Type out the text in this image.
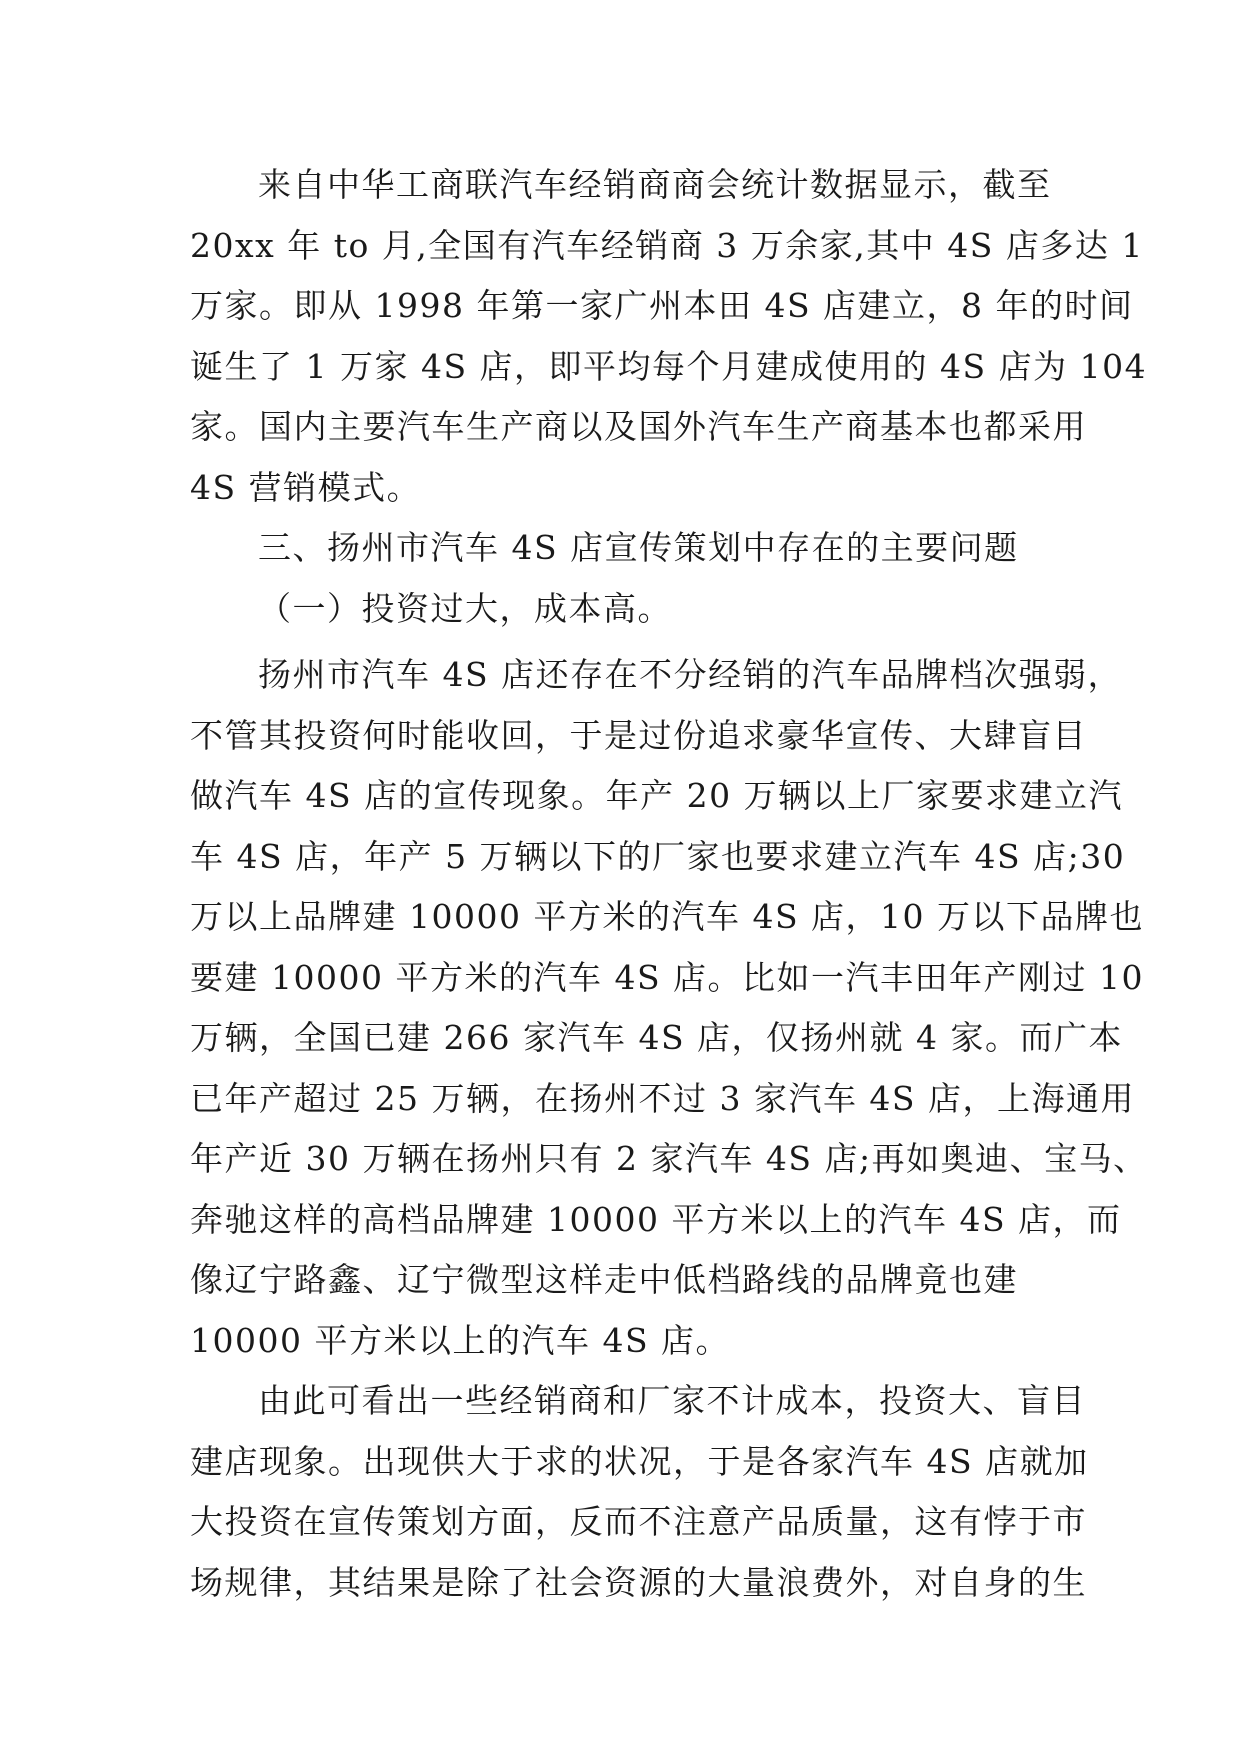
来自中华工商联汽车经销商商会统计数据显示，截至
20xx 年 to 月,全国有汽车经销商 3 万余家,其中 4S 店多达 1
万家。即从 1998 年第一家广州本田 4S 店建立，8 年的时间
诞生了 1 万家 4S 店，即平均每个月建成使用的 4S 店为 104
家。国内主要汽车生产商以及国外汽车生产商基本也都采用
4S 营销模式。
三、扬州市汽车 4S 店宣传策划中存在的主要问题
（一）投资过大，成本高。
扬州市汽车 4S 店还存在不分经销的汽车品牌档次强弱，
不管其投资何时能收回，于是过份追求豪华宣传、大肆盲目
做汽车 4S 店的宣传现象。年产 20 万辆以上厂家要求建立汽
车 4S 店，年产 5 万辆以下的厂家也要求建立汽车 4S 店;30
万以上品牌建 10000 平方米的汽车 4S 店，10 万以下品牌也
要建 10000 平方米的汽车 4S 店。比如一汽丰田年产刚过 10
万辆，全国已建 266 家汽车 4S 店，仅扬州就 4 家。而广本
已年产超过 25 万辆，在扬州不过 3 家汽车 4S 店，上海通用
年产近 30 万辆在扬州只有 2 家汽车 4S 店;再如奥迪、宝马、
奔驰这样的高档品牌建 10000 平方米以上的汽车 4S 店，而
像辽宁路鑫、辽宁微型这样走中低档路线的品牌竟也建
10000 平方米以上的汽车 4S 店。
由此可看出一些经销商和厂家不计成本，投资大、盲目
建店现象。出现供大于求的状况，于是各家汽车 4S 店就加
大投资在宣传策划方面，反而不注意产品质量，这有悖于市
场规律，其结果是除了社会资源的大量浪费外，对自身的生
